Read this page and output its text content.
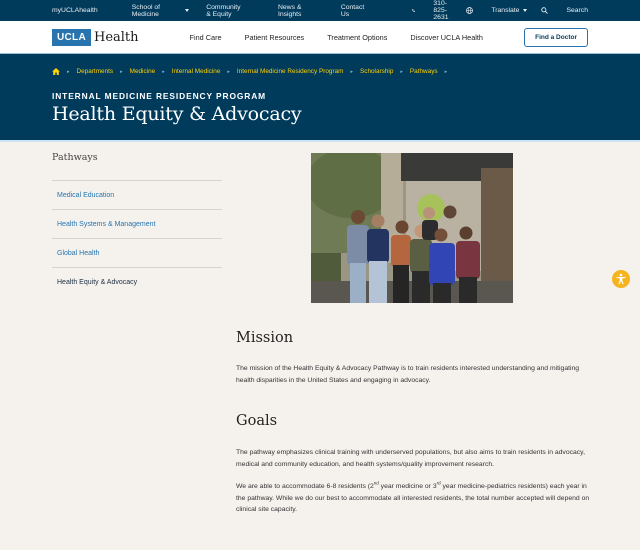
myUCLAhealth	School of Medicine
Community & Equity
News & Insights
Contact Us
310-825-2631
Translate	Search
UCLA Health	Find Care	Patient Resources	Treatment Options	Discover UCLA Health	Find a Doctor
▸ Departments ▸ Medicine ▸ Internal Medicine ▸ Internal Medicine Residency Program ▸ Scholarship ▸ Pathways ▸
INTERNAL MEDICINE RESIDENCY PROGRAM
Health Equity & Advocacy
Pathways
Medical Education
Health Systems & Management
Global Health
Health Equity & Advocacy
Mission

The mission of the Health Equity & Advocacy Pathway is to train residents interested understanding and mitigating health disparities in the United States and engaging in advocacy.

Goals

The pathway emphasizes clinical training with underserved populations, but also aims to train residents in advocacy, medical and community education, and health systems/quality improvement research.

We are able to accommodate 6-8 residents (2nd year medicine or 3rd year medicine-pediatrics residents) each year in the pathway. While we do our best to accommodate all interested residents, the total number accepted will depend on clinical site capacity.
